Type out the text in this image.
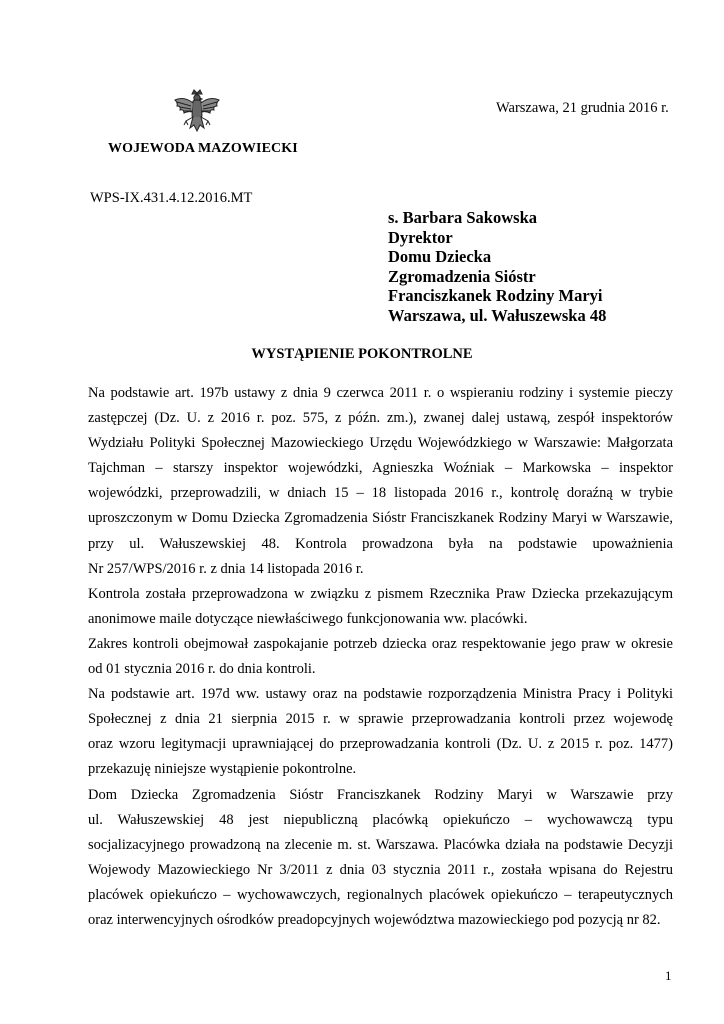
WOJEWODA MAZOWIECKI
Warszawa, 21 grudnia 2016 r.
WPS-IX.431.4.12.2016.MT
s. Barbara Sakowska
Dyrektor
Domu Dziecka
Zgromadzenia Sióstr
Franciszkanek Rodziny Maryi
Warszawa, ul. Wałuszewska 48
WYSTĄPIENIE POKONTROLNE

Na podstawie art. 197b ustawy z dnia 9 czerwca 2011 r. o wspieraniu rodziny i systemie pieczy

zastępczej (Dz. U. z 2016 r. poz. 575, z późn. zm.), zwanej dalej ustawą, zespół inspektorów

Wydziału Polityki Społecznej Mazowieckiego Urzędu Wojewódzkiego w Warszawie: Małgorzata

Tajchman – starszy inspektor wojewódzki, Agnieszka Woźniak – Markowska – inspektor

wojewódzki, przeprowadzili, w dniach 15 – 18 listopada 2016 r., kontrolę doraźną w trybie

uproszczonym w Domu Dziecka Zgromadzenia Sióstr Franciszkanek Rodziny Maryi w Warszawie,

przy ul. Wałuszewskiej 48. Kontrola prowadzona była na podstawie upoważnienia

Nr 257/WPS/2016 r. z dnia 14 listopada 2016 r.

Kontrola została przeprowadzona w związku z pismem Rzecznika Praw Dziecka przekazującym

anonimowe maile dotyczące niewłaściwego funkcjonowania ww. placówki.

Zakres kontroli obejmował zaspokajanie potrzeb dziecka oraz respektowanie jego praw w okresie

od 01 stycznia 2016 r. do dnia kontroli.

Na podstawie art. 197d ww. ustawy oraz na podstawie rozporządzenia Ministra Pracy i Polityki

Społecznej z dnia 21 sierpnia 2015 r. w sprawie przeprowadzania kontroli przez wojewodę

oraz wzoru legitymacji uprawniającej do przeprowadzania kontroli (Dz. U. z 2015 r. poz. 1477)

przekazuję niniejsze wystąpienie pokontrolne.

Dom Dziecka Zgromadzenia Sióstr Franciszkanek Rodziny Maryi w Warszawie przy

ul. Wałuszewskiej 48 jest niepubliczną placówką opiekuńczo – wychowawczą typu

socjalizacyjnego prowadzoną na zlecenie m. st. Warszawa. Placówka działa na podstawie Decyzji

Wojewody Mazowieckiego Nr 3/2011 z dnia 03 stycznia 2011 r., została wpisana do Rejestru

placówek opiekuńczo – wychowawczych, regionalnych placówek opiekuńczo – terapeutycznych

oraz interwencyjnych ośrodków preadopcyjnych województwa mazowieckiego pod pozycją nr 82.

1
